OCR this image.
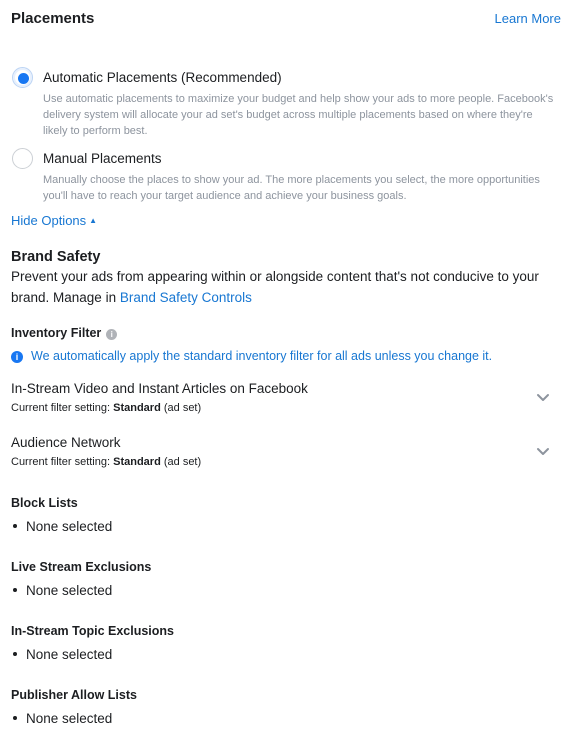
Placements	Learn More
Automatic Placements (Recommended)
Use automatic placements to maximize your budget and help show your ads to more people. Facebook's delivery system will allocate your ad set's budget across multiple placements based on where they're likely to perform best.
Manual Placements
Manually choose the places to show your ad. The more placements you select, the more opportunities you'll have to reach your target audience and achieve your business goals.
Hide Options ▲
Brand Safety
Prevent your ads from appearing within or alongside content that's not conducive to your brand. Manage in Brand Safety Controls
Inventory Filter i
i We automatically apply the standard inventory filter for all ads unless you change it.
In-Stream Video and Instant Articles on Facebook
Current filter setting: Standard (ad set)
Audience Network
Current filter setting: Standard (ad set)
Block Lists
None selected
Live Stream Exclusions
None selected
In-Stream Topic Exclusions
None selected
Publisher Allow Lists
None selected
